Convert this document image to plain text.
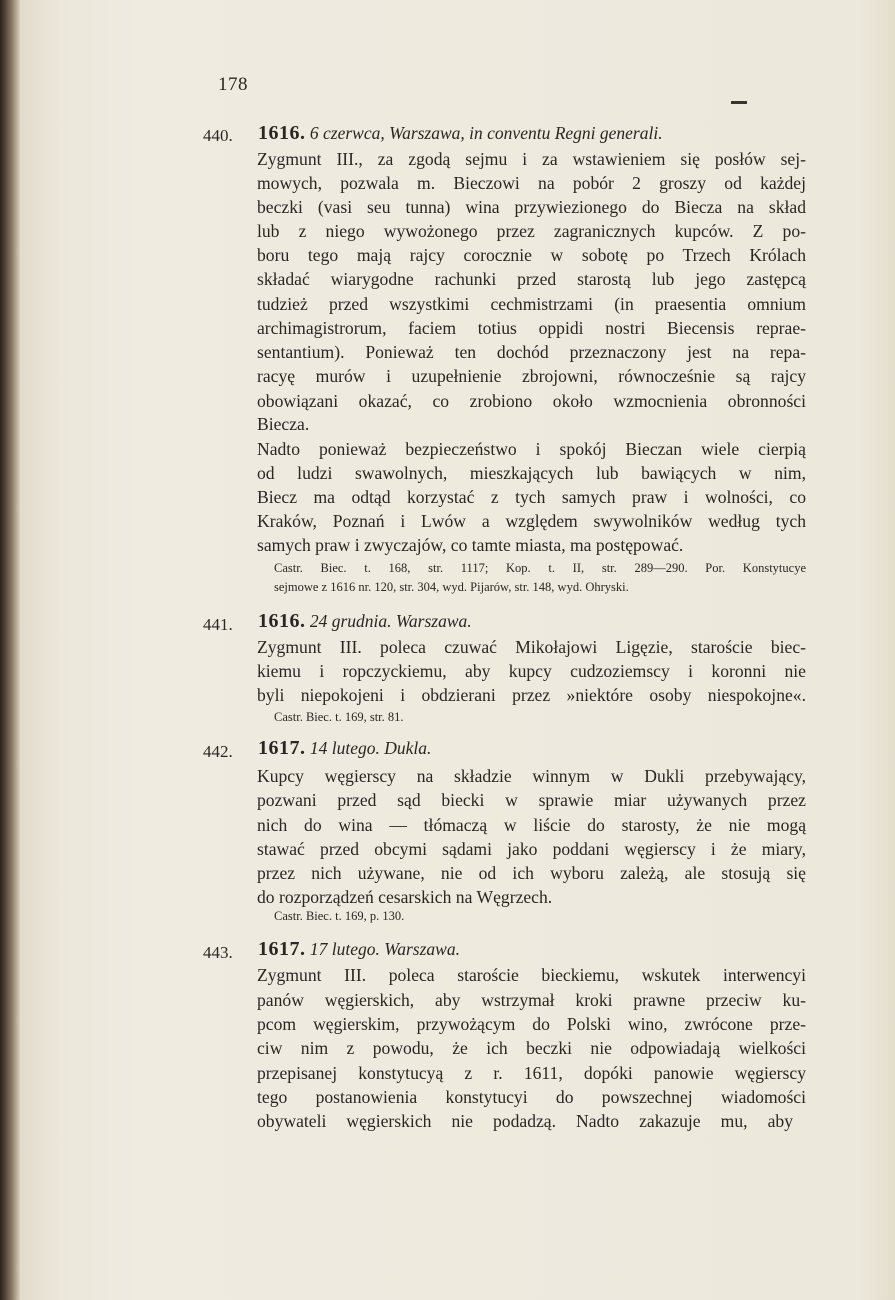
178
440. 1616. 6 czerwca, Warszawa, in conventu Regni generali.
Zygmunt III., za zgodą sejmu i za wstawieniem się posłów sej-
mowych, pozwala m. Bieczowi na pobór 2 groszy od każdej
beczki (vasi seu tunna) wina przywiezionego do Biecza na skład
lub z niego wywożonego przez zagranicznych kupców. Z po-
boru tego mają rajcy corocznie w sobotę po Trzech Królach
składać wiarygodne rachunki przed starostą lub jego zastępcą
tudzież przed wszystkimi cechmistrzami (in praesentia omnium
archimagistrorum, faciem totius oppidi nostri Biecensis reprae-
sentantium). Ponieważ ten dochód przeznaczony jest na repa-
racyę murów i uzupełnienie zbrojowni, równocześnie są rajcy
obowiązani okazać, co zrobiono około wzmocnienia obronności
Biecza.
Nadto ponieważ bezpieczeństwo i spokój Bieczan wiele cierpią
od ludzi swawolnych, mieszkających lub bawiących w nim,
Biecz ma odtąd korzystać z tych samych praw i wolności, co
Kraków, Poznań i Lwów a względem swywolników według tych
samych praw i zwyczajów, co tamte miasta, ma postępować.
Castr. Biec. t. 168, str. 1117; Kop. t. II, str. 289—290. Por. Konstytucye
sejmowe z 1616 nr. 120, str. 304, wyd. Pijarów, str. 148, wyd. Ohryski.
441. 1616. 24 grudnia. Warszawa.
Zygmunt III. poleca czuwać Mikołajowi Ligęzie, staroście biec-
kiemu i ropczyckiemu, aby kupcy cudzoziemscy i koronni nie
byli niepokojeni i obdzierani przez »niektóre osoby niespokojne«.
Castr. Biec. t. 169, str. 81.
442. 1617. 14 lutego. Dukla.
Kupcy węgierscy na składzie winnym w Dukli przebywający,
pozwani przed sąd biecki w sprawie miar używanych przez
nich do wina — tłómaczą w liście do starosty, że nie mogą
stawać przed obcymi sądami jako poddani węgierscy i że miary,
przez nich używane, nie od ich wyboru zależą, ale stosują się
do rozporządzeń cesarskich na Węgrzech.
Castr. Biec. t. 169, p. 130.
443. 1617. 17 lutego. Warszawa.
Zygmunt III. poleca staroście bieckiemu, wskutek interwencyi
panów węgierskich, aby wstrzymał kroki prawne przeciw ku-
pcom węgierskim, przywożącym do Polski wino, zwrócone prze-
ciw nim z powodu, że ich beczki nie odpowiadają wielkości
przepisanej konstytucyą z r. 1611, dopóki panowie węgierscy
tego postanowienia konstytucyi do powszechnej wiadomości
obywateli węgierskich nie podadzą. Nadto zakazuje mu, aby
